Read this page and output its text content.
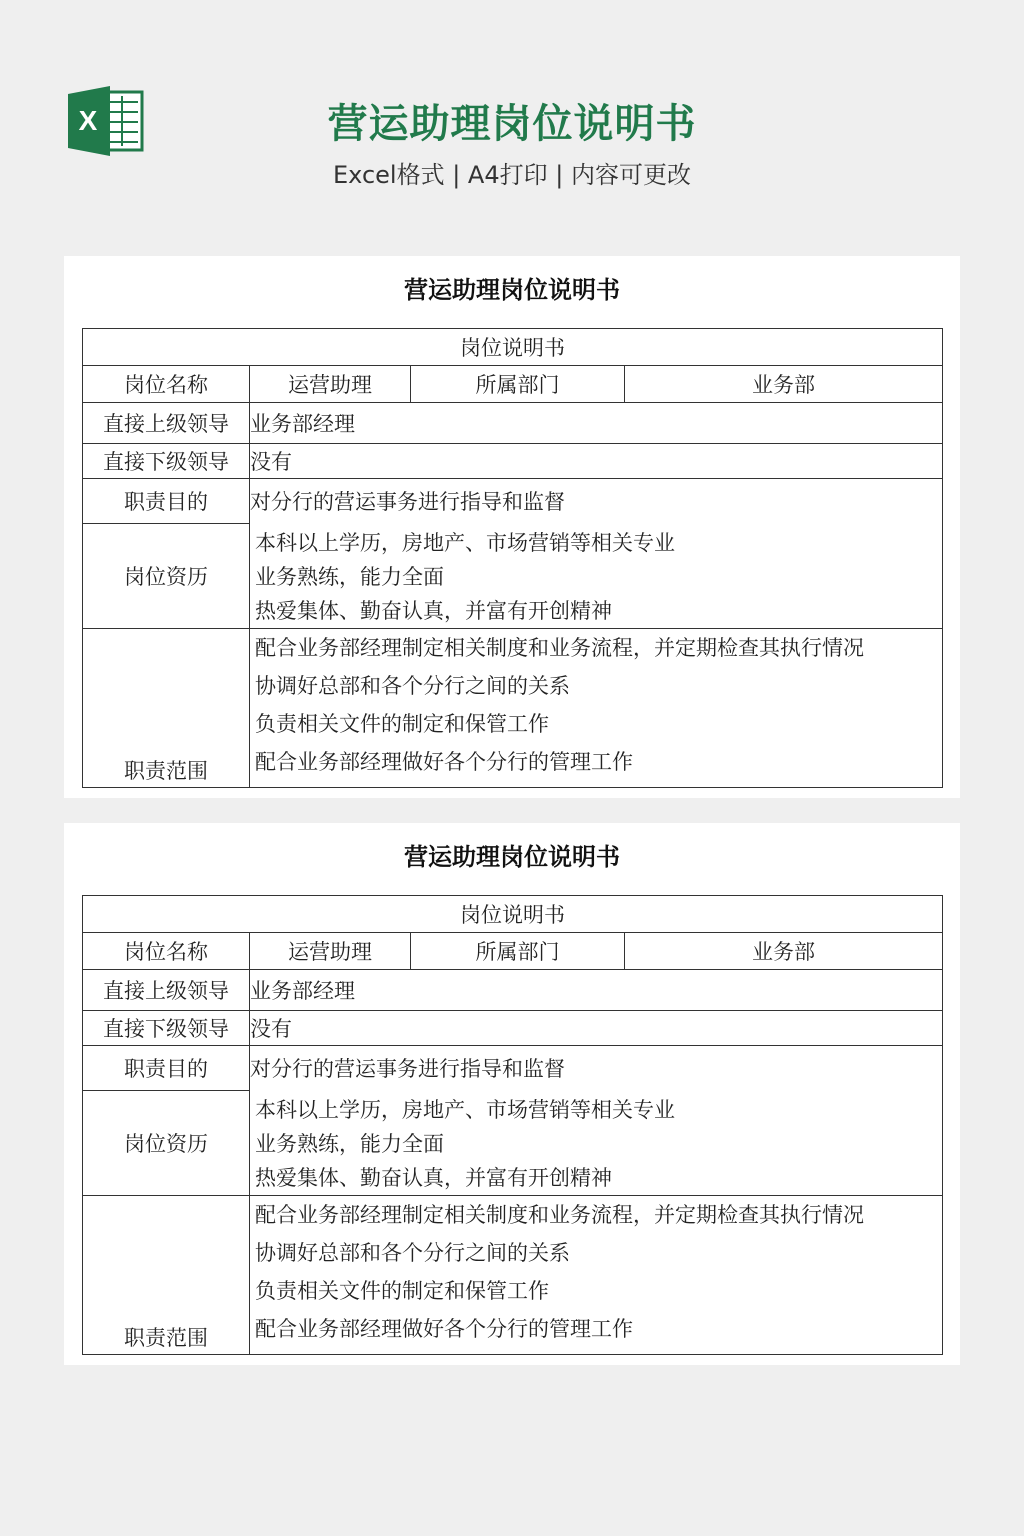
X	营运助理岗位说明书
Excel格式 | A4打印 | 内容可更改
营运助理岗位说明书
岗位说明书			
岗位名称	运营助理	所属部门	业务部
直接上级领导	业务部经理		
直接下级领导	没有		
职责目的	对分行的营运事务进行指导和监督		
岗位资历	本科以上学历，房地产、市场营销等相关专业
业务熟练，能力全面
热爱集体、勤奋认真，并富有开创精神		

职责范围	配合业务部经理制定相关制度和业务流程，并定期检查其执行情况
协调好总部和各个分行之间的关系
负责相关文件的制定和保管工作
配合业务部经理做好各个分行的管理工作		
营运助理岗位说明书
岗位说明书			
岗位名称	运营助理	所属部门	业务部
直接上级领导	业务部经理		
直接下级领导	没有		
职责目的	对分行的营运事务进行指导和监督		
岗位资历	本科以上学历，房地产、市场营销等相关专业
业务熟练，能力全面
热爱集体、勤奋认真，并富有开创精神		

职责范围	配合业务部经理制定相关制度和业务流程，并定期检查其执行情况
协调好总部和各个分行之间的关系
负责相关文件的制定和保管工作
配合业务部经理做好各个分行的管理工作		
